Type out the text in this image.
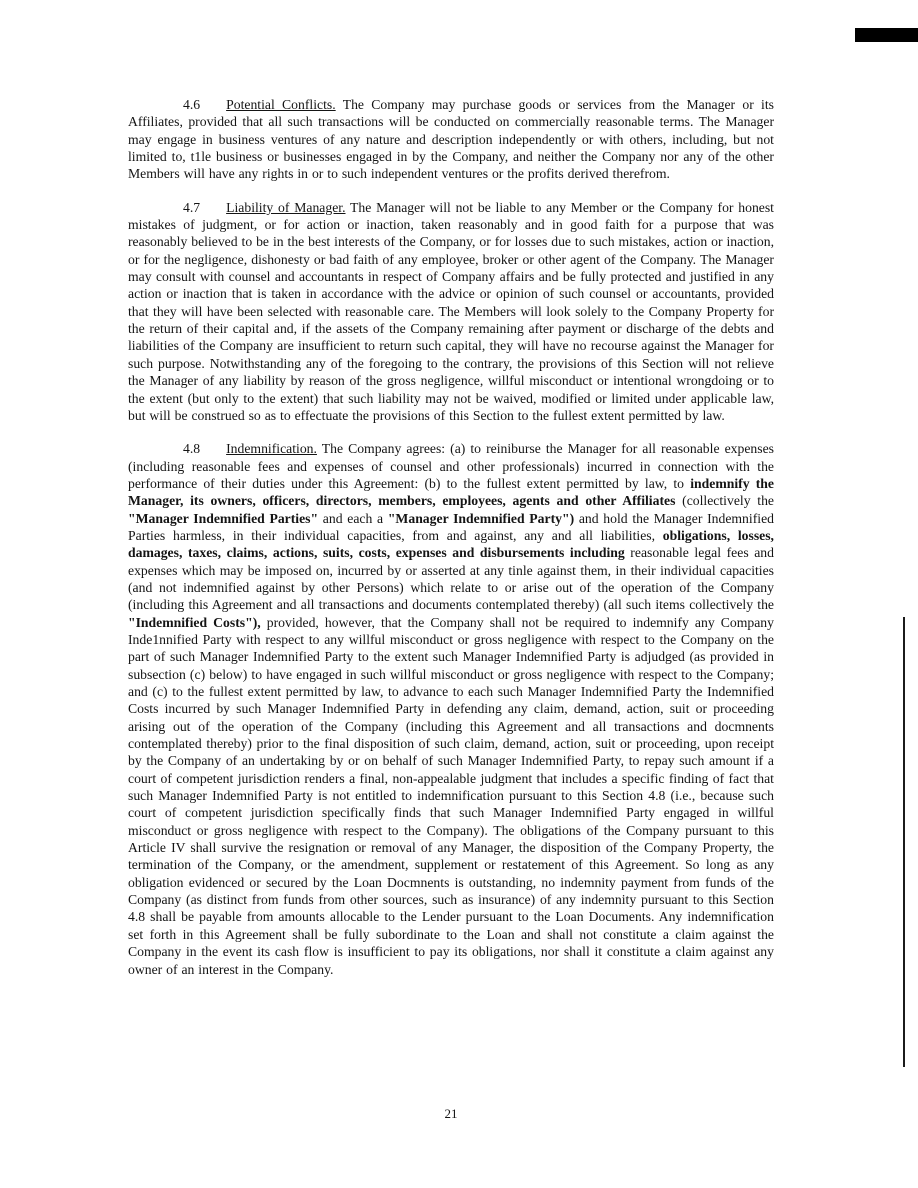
4.6 Potential Conflicts. The Company may purchase goods or services from the Manager or its Affiliates, provided that all such transactions will be conducted on commercially reasonable terms. The Manager may engage in business ventures of any nature and description independently or with others, including, but not limited to, t1le business or businesses engaged in by the Company, and neither the Company nor any of the other Members will have any rights in or to such independent ventures or the profits derived therefrom.

4.7 Liability of Manager. The Manager will not be liable to any Member or the Company for honest mistakes of judgment, or for action or inaction, taken reasonably and in good faith for a purpose that was reasonably believed to be in the best interests of the Company, or for losses due to such mistakes, action or inaction, or for the negligence, dishonesty or bad faith of any employee, broker or other agent of the Company. The Manager may consult with counsel and accountants in respect of Company affairs and be fully protected and justified in any action or inaction that is taken in accordance with the advice or opinion of such counsel or accountants, provided that they will have been selected with reasonable care. The Members will look solely to the Company Property for the return of their capital and, if the assets of the Company remaining after payment or discharge of the debts and liabilities of the Company are insufficient to return such capital, they will have no recourse against the Manager for such purpose. Notwithstanding any of the foregoing to the contrary, the provisions of this Section will not relieve the Manager of any liability by reason of the gross negligence, willful misconduct or intentional wrongdoing or to the extent (but only to the extent) that such liability may not be waived, modified or limited under applicable law, but will be construed so as to effectuate the provisions of this Section to the fullest extent permitted by law.

4.8 Indemnification. The Company agrees: (a) to reiniburse the Manager for all reasonable expenses (including reasonable fees and expenses of counsel and other professionals) incurred in connection with the performance of their duties under this Agreement: (b) to the fullest extent permitted by law, to indemnify the Manager, its owners, officers, directors, members, employees, agents and other Affiliates (collectively the "Manager Indemnified Parties" and each a "Manager Indemnified Party") and hold the Manager Indemnified Parties harmless, in their individual capacities, from and against, any and all liabilities, obligations, losses, damages, taxes, claims, actions, suits, costs, expenses and disbursements including reasonable legal fees and expenses which may be imposed on, incurred by or asserted at any tinle against them, in their individual capacities (and not indemnified against by other Persons) which relate to or arise out of the operation of the Company (including this Agreement and all transactions and documents contemplated thereby) (all such items collectively the "Indemnified Costs"), provided, however, that the Company shall not be required to indemnify any Company Inde1nnified Party with respect to any willful misconduct or gross negligence with respect to the Company on the part of such Manager Indemnified Party to the extent such Manager Indemnified Party is adjudged (as provided in subsection (c) below) to have engaged in such willful misconduct or gross negligence with respect to the Company; and (c) to the fullest extent permitted by law, to advance to each such Manager Indemnified Party the Indemnified Costs incurred by such Manager Indemnified Party in defending any claim, demand, action, suit or proceeding arising out of the operation of the Company (including this Agreement and all transactions and docmnents contemplated thereby) prior to the final disposition of such claim, demand, action, suit or proceeding, upon receipt by the Company of an undertaking by or on behalf of such Manager Indemnified Party, to repay such amount if a court of competent jurisdiction renders a final, non-appealable judgment that includes a specific finding of fact that such Manager Indemnified Party is not entitled to indemnification pursuant to this Section 4.8 (i.e., because such court of competent jurisdiction specifically finds that such Manager Indemnified Party engaged in willful misconduct or gross negligence with respect to the Company). The obligations of the Company pursuant to this Article IV shall survive the resignation or removal of any Manager, the disposition of the Company Property, the termination of the Company, or the amendment, supplement or restatement of this Agreement. So long as any obligation evidenced or secured by the Loan Docmnents is outstanding, no indemnity payment from funds of the Company (as distinct from funds from other sources, such as insurance) of any indemnity pursuant to this Section 4.8 shall be payable from amounts allocable to the Lender pursuant to the Loan Documents. Any indemnification set forth in this Agreement shall be fully subordinate to the Loan and shall not constitute a claim against the Company in the event its cash flow is insufficient to pay its obligations, nor shall it constitute a claim against any owner of an interest in the Company.

21
